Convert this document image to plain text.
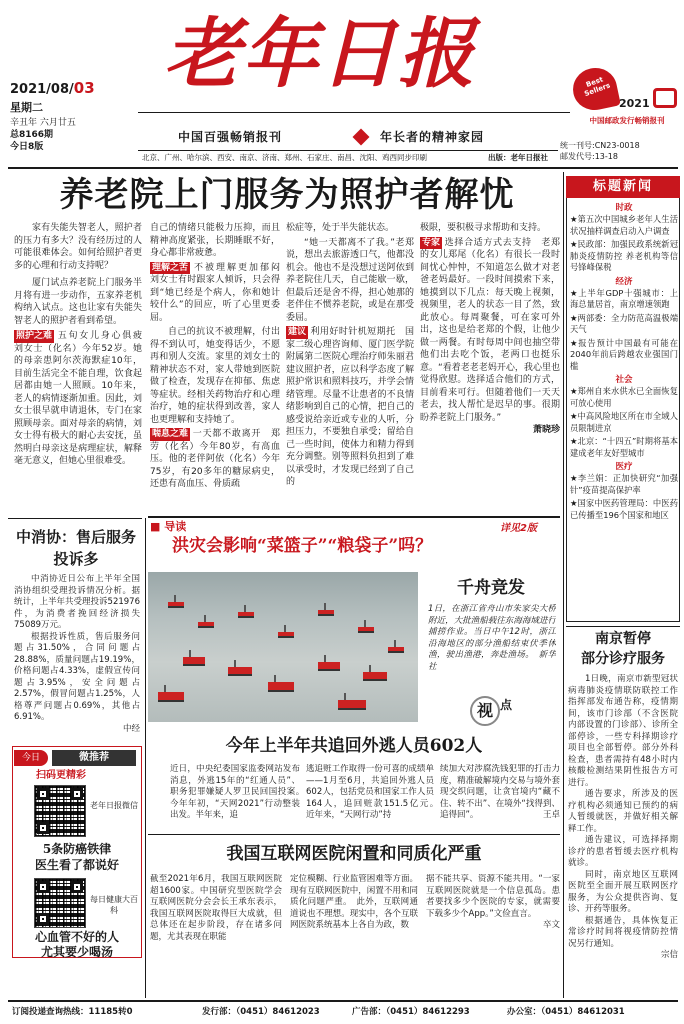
老年日报
2021/08/03
星期二
辛丑年 六月廿五
总8166期
今日8版
Best Sellers
2021
中国邮政发行畅销报刊
中国百强畅销报刊	年长者的精神家园
统一刊号:CN23-0018
邮发代号:13-18
北京、广州、哈尔滨、西安、南京、济南、郑州、石家庄、南昌、沈阳、鸡西同步印刷	出版：老年日报社
养老院上门服务为照护者解忧
家有失能失智老人，照护者的压力有多大？没有经历过的人可能很难体会。如何给照护者更多的心理和行动支持呢？
厦门试点养老院上门服务半月将有进一步动作，五家养老机构纳入试点。这也让家有失能失智老人的照护者看到希望。
照护之难 五旬女儿身心俱疲　刘女士（化名）今年52岁。她的母亲患阿尔茨海默症10年，目前生活完全不能自理，饮食起居都由她一人照顾。10年来，老人的病情逐渐加重。因此，刘女士很早就申请退休，专门在家照顾母亲。面对母亲的病情，刘女士得有极大的耐心去安抚，虽然明白母亲这是病理症状，解释毫无意义，但她心里很难受。
自己的情绪只能极力压抑，而且精神高度紧张，长期睡眠不好，身心都非常疲惫。
理解之苦 不被理解更加郁闷　刘女士有时跟家人倾诉，只会得到“她已经是个病人，你和她计较什么”的回应，听了心里更委屈。
自己的抗议不被理解，付出得不到认可，她变得话少，不愿再和别人交流。家里的刘女士的精神状态不对，家人带她到医院做了检查，发现存在抑郁、焦虑等症状。经相关药物治疗和心理治疗，她的症状得到改善，家人也更理解和支持她了。
喘息之难 一天都不敢离开　郑劳（化名）今年80岁，有高血压。他的老伴阿依（化名）今年75岁，有20多年的糖尿病史，还患有高血压、骨质疏
松症等，处于半失能状态。
“她一天都离不了我。”老郑说，想出去旅游透口气，他都没机会。他也不是没想过送阿依到养老院住几天，自己能歇一歇，但最后还是舍不得，担心她那的老伴住不惯养老院，或是在那受委屈。
建议 利用好时针机短期托　国家二级心理咨询师、厦门医学院附属第二医院心理治疗师朱丽君建议照护者，应以科学态度了解照护常识和照料技巧，并学会情绪管理。尽量不让患者的不良情绪影响到自己的心情，把自己的感受说给亲近或专业的人听，分担压力，不要独自承受；留给自己一些时间，使体力和精力得到充分调整。别等照料负担到了难以承受时，才发现已经到了自己的
极限，要积极寻求帮助和支持。
专家 选择合适方式去支持　老郑的女儿郑尾（化名）有很长一段时间忧心忡忡，不知道怎么做才对老爸老妈最好。一段时间摸索下来，她摸到以下几点：每天晚上视频，视频里，老人的状态一目了然，致此放心。每周聚餐，可在家可外出，这也是给老郑的个假，让他少做一两餐。有时每周中间也抽空带他们出去吃个饭，老两口也挺乐意。“看着老老老妈开心，我心里也觉得欣慰。选择适合他们的方式，目前看来可行。但随着他们一天天老去，找人帮忙是迟早的事。很期盼养老院上门服务。”
萧晓珍
标题新闻
时政
★第五次中国城乡老年人生活状况抽样调查启动入户调查
★民政部：加强民政系统新冠肺炎疫情防控 养老机构等信号锋峰保税
经济
★上半年GDP十强城市：上海总量居首，南京增速领跑
★两部委：全力防范高温极端天气
★报告预计中国最有可能在2040年前后跨越农业强国门槛
社会
★郑州自来水供水已全面恢复可放心使用
★中高风险地区所在市全域人员限制进京
★北京：“十四五”时期将基本建成老年友好型城市
医疗
★李兰娟：正加快研究“加强针”疫苗提高保护率
★国家中医药管理局：中医药已传播至196个国家和地区
中消协：售后服务投诉多
中消协近日公布上半年全国消协组织受理投诉情况分析。据统计，上半年共受理投诉521976件，为消费者挽回经济损失75089万元。
根据投诉性质，售后服务问题占31.50%，合同问题占28.88%，质量问题占19.19%，价格问题占4.33%，虚假宣传问题占3.95%，安全问题占2.57%，假冒问题占1.25%，人格尊严问题占0.69%，其他占6.91%。
中经
今日	微推荐
扫码更精彩
老年日报微信
5条防癌铁律
医生看了都说好
每日健康大百科
心血管不好的人
尤其要少喝汤
■ 导读
洪灾会影响“菜篮子”“粮袋子”吗？
详见2版
千舟竞发
1日，在浙江省舟山市朱家尖大桥附近，大批渔船载往东海海域进行捕捞作业。当日中午12时，浙江沿海地区的部分渔船结束伏季休渔，驶出渔港，奔赴渔场。　新华社
视 点
今年上半年共追回外逃人员602人
近日，中央纪委国家监委网站发布消息，外逃15年的“红通人员”、职务犯罪嫌疑人罗卫民回国投案。　今年年初，“天网2021”行动整装出发。半年来，追
逃追赃工作取得一份可喜的成绩单——1月至6月，共追回外逃人员602人，包括党员和国家工作人员164人，追回赃款151.5亿元。　近年来，“天网行动”持
续加大对涉腐洗钱犯罪的打击力度，精准破解境内交易与境外套现交织问题，让贪官境内“藏不住、转不出”、在境外“找得到、追得回”。	王卓
我国互联网医院闲置和同质化严重
截至2021年6月，我国互联网医院超1600家。中国研究型医院学会互联网医院分会会长王承东表示，我国互联网医院取得巨大成就，但总体还在起步阶段，存在诸多问题，尤其表现在职能
定位模糊、行业监管困难等方面。现有互联网医院中，闲置不用和同质化问题严重。　此外，互联网通道说也不理想。现实中，各个互联网医院系统基本上各自为政，数
据不能共享、资源不能共用。“一家互联网医院就是一个信息孤岛。患者要找多少个医院的专家，就需要下载多少个App。”文俭直言。
卒文
南京暂停
部分诊疗服务
1日晚，南京市新型冠状病毒肺炎疫情联防联控工作指挥部发布通告称，疫情期间，该市门诊部（不含医院内部设置的门诊部）、诊所全部停诊，一些专科择期诊疗项目也全部暂停。部分外科检查，患者需持有48小时内核酸检测结果阴性报告方可进行。
通告要求，所涉及的医疗机构必须通知已预约的病人暂缓就医，并做好相关解释工作。
通告建议，可选择择期诊疗的患者暂缓去医疗机构就诊。
同时，南京地区互联网医院至全面开展互联网医疗服务，为公众提供咨询、复诊、开药等服务。
根据通告，具体恢复正常诊疗时间将视疫情防控情况另行通知。
宗信
订阅投递查询热线：11185转0	发行部：（0451）84612023	广告部：（0451）84612293	办公室：（0451）84612031
